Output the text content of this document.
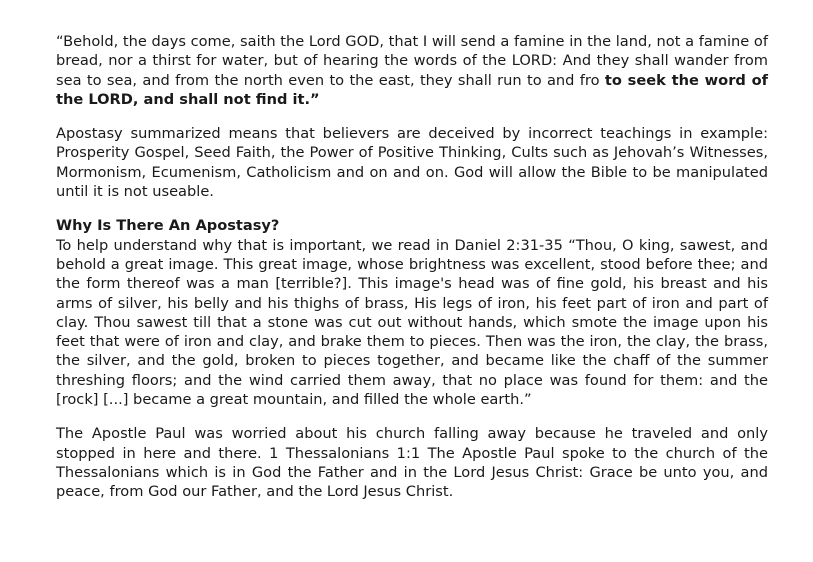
“Behold, the days come, saith the Lord GOD, that I will send a famine in the land, not a famine of bread, nor a thirst for water, but of hearing the words of the LORD: And they shall wander from sea to sea, and from the north even to the east, they shall run to and fro to seek the word of the LORD, and shall not find it.”

Apostasy summarized means that believers are deceived by incorrect teachings in example: Prosperity Gospel, Seed Faith, the Power of Positive Thinking, Cults such as Jehovah’s Witnesses, Mormonism, Ecumenism, Catholicism and on and on. God will allow the Bible to be manipulated until it is not useable.

Why Is There An Apostasy?

To help understand why that is important, we read in Daniel 2:31-35 “Thou, O king, sawest, and behold a great image. This great image, whose brightness was excellent, stood before thee; and the form thereof was a man [terrible?]. This image's head was of fine gold, his breast and his arms of silver, his belly and his thighs of brass, His legs of iron, his feet part of iron and part of clay. Thou sawest till that a stone was cut out without hands, which smote the image upon his feet that were of iron and clay, and brake them to pieces. Then was the iron, the clay, the brass, the silver, and the gold, broken to pieces together, and became like the chaff of the summer threshing floors; and the wind carried them away, that no place was found for them: and the [rock] [...] became a great mountain, and filled the whole earth.”

The Apostle Paul was worried about his church falling away because he traveled and only stopped in here and there. 1 Thessalonians 1:1 The Apostle Paul spoke to the church of the Thessalonians which is in God the Father and in the Lord Jesus Christ: Grace be unto you, and peace, from God our Father, and the Lord Jesus Christ.
